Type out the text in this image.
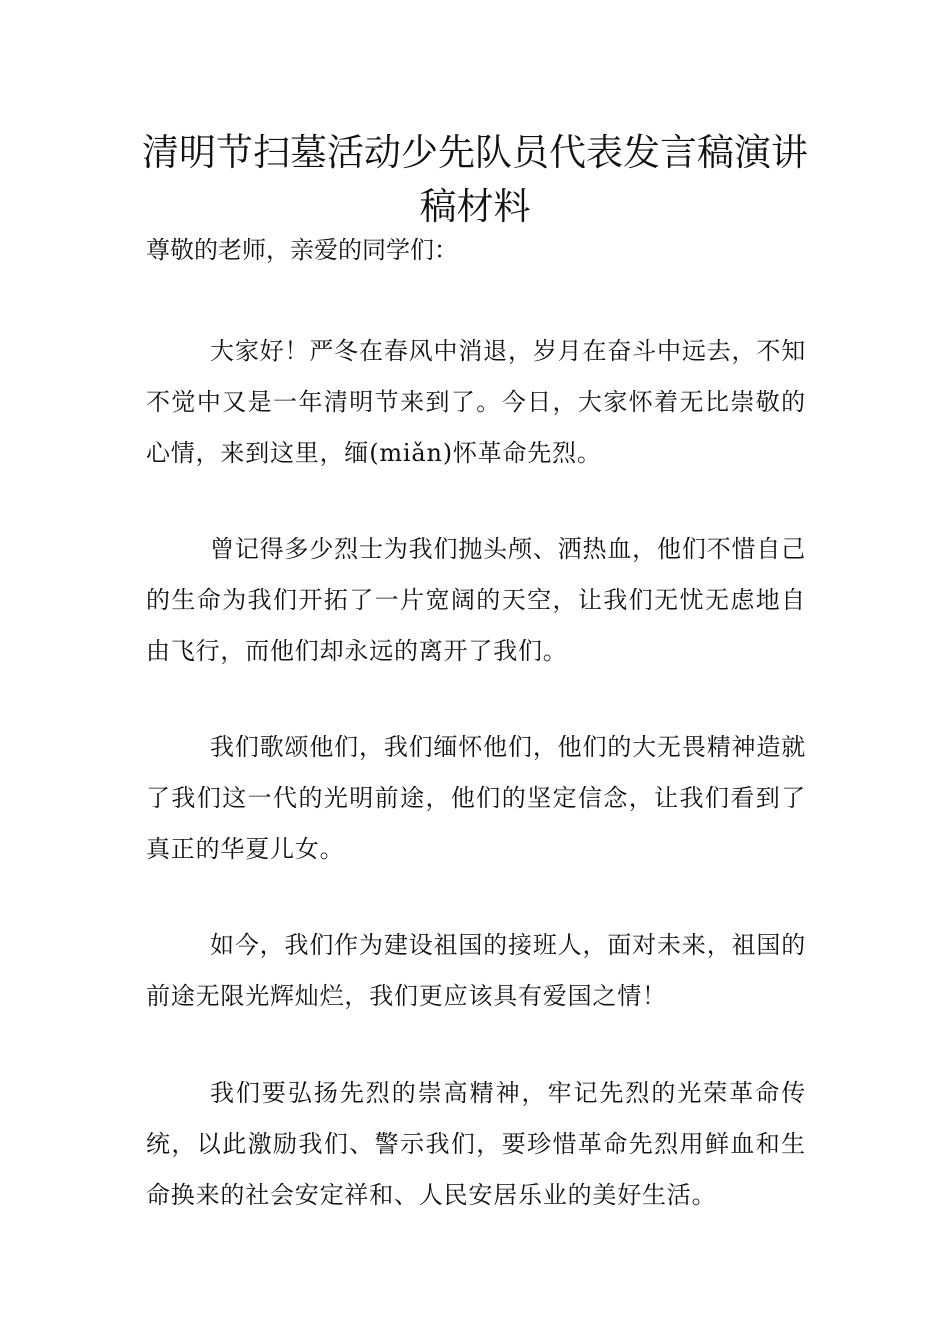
清明节扫墓活动少先队员代表发言稿演讲稿材料

尊敬的老师，亲爱的同学们：

大家好！严冬在春风中消退，岁月在奋斗中远去，不知不觉中又是一年清明节来到了。今日，大家怀着无比崇敬的心情，来到这里，缅(miǎn)怀革命先烈。

曾记得多少烈士为我们抛头颅、洒热血，他们不惜自己的生命为我们开拓了一片宽阔的天空，让我们无忧无虑地自由飞行，而他们却永远的离开了我们。

我们歌颂他们，我们缅怀他们，他们的大无畏精神造就了我们这一代的光明前途，他们的坚定信念，让我们看到了真正的华夏儿女。

如今，我们作为建设祖国的接班人，面对未来，祖国的前途无限光辉灿烂，我们更应该具有爱国之情！

我们要弘扬先烈的崇高精神，牢记先烈的光荣革命传统，以此激励我们、警示我们，要珍惜革命先烈用鲜血和生命换来的社会安定祥和、人民安居乐业的美好生活。
